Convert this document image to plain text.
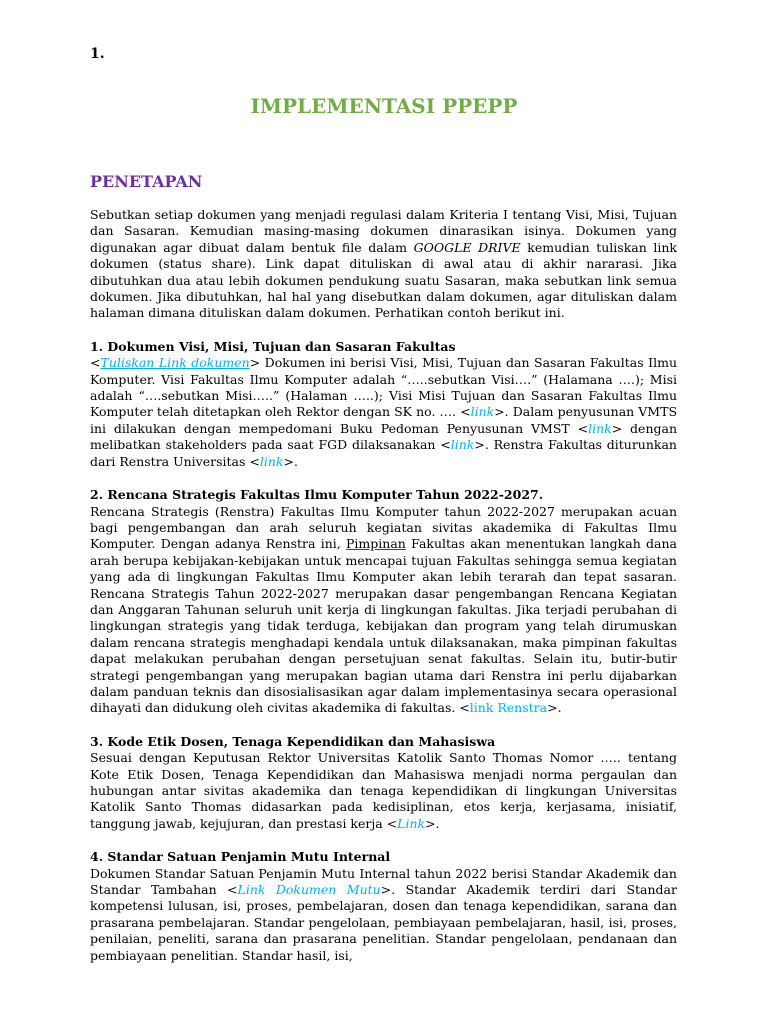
1.
IMPLEMENTASI PPEPP
PENETAPAN

Sebutkan setiap dokumen yang menjadi regulasi dalam Kriteria I tentang Visi, Misi, Tujuan dan Sasaran. Kemudian masing-masing dokumen dinarasikan isinya. Dokumen yang digunakan agar dibuat dalam bentuk file dalam GOOGLE DRIVE kemudian tuliskan link dokumen (status share). Link dapat dituliskan di awal atau di akhir nararasi. Jika dibutuhkan dua atau lebih dokumen pendukung suatu Sasaran, maka sebutkan link semua dokumen. Jika dibutuhkan, hal hal yang disebutkan dalam dokumen, agar dituliskan dalam halaman dimana dituliskan dalam dokumen. Perhatikan contoh berikut ini.

1. Dokumen Visi, Misi, Tujuan dan Sasaran Fakultas

<Tuliskan Link dokumen> Dokumen ini berisi Visi, Misi, Tujuan dan Sasaran Fakultas Ilmu Komputer. Visi Fakultas Ilmu Komputer adalah “…..sebutkan Visi….” (Halamana ….); Misi adalah “….sebutkan Misi…..” (Halaman …..); Visi Misi Tujuan dan Sasaran Fakultas Ilmu Komputer telah ditetapkan oleh Rektor dengan SK no. …. <link>. Dalam penyusunan VMTS ini dilakukan dengan mempedomani Buku Pedoman Penyusunan VMST <link> dengan melibatkan stakeholders pada saat FGD dilaksanakan <link>. Renstra Fakultas diturunkan dari Renstra Universitas <link>.

2. Rencana Strategis Fakultas Ilmu Komputer Tahun 2022-2027.

Rencana Strategis (Renstra) Fakultas Ilmu Komputer tahun 2022-2027 merupakan acuan bagi pengembangan dan arah seluruh kegiatan sivitas akademika di Fakultas Ilmu Komputer. Dengan adanya Renstra ini, Pimpinan Fakultas akan menentukan langkah dana arah berupa kebijakan-kebijakan untuk mencapai tujuan Fakultas sehingga semua kegiatan yang ada di lingkungan Fakultas Ilmu Komputer akan lebih terarah dan tepat sasaran. Rencana Strategis Tahun 2022-2027 merupakan dasar pengembangan Rencana Kegiatan dan Anggaran Tahunan seluruh unit kerja di lingkungan fakultas. Jika terjadi perubahan di lingkungan strategis yang tidak terduga, kebijakan dan program yang telah dirumuskan dalam rencana strategis menghadapi kendala untuk dilaksanakan, maka pimpinan fakultas dapat melakukan perubahan dengan persetujuan senat fakultas. Selain itu, butir-butir strategi pengembangan yang merupakan bagian utama dari Renstra ini perlu dijabarkan dalam panduan teknis dan disosialisasikan agar dalam implementasinya secara operasional dihayati dan didukung oleh civitas akademika di fakultas. <link Renstra>.

3. Kode Etik Dosen, Tenaga Kependidikan dan Mahasiswa

Sesuai dengan Keputusan Rektor Universitas Katolik Santo Thomas Nomor ….. tentang Kote Etik Dosen, Tenaga Kependidikan dan Mahasiswa menjadi norma pergaulan dan hubungan antar sivitas akademika dan tenaga kependidikan di lingkungan Universitas Katolik Santo Thomas didasarkan pada kedisiplinan, etos kerja, kerjasama, inisiatif, tanggung jawab, kejujuran, dan prestasi kerja <Link>.

4. Standar Satuan Penjamin Mutu Internal

Dokumen Standar Satuan Penjamin Mutu Internal tahun 2022 berisi Standar Akademik dan Standar Tambahan <Link Dokumen Mutu>. Standar Akademik terdiri dari Standar kompetensi lulusan, isi, proses, pembelajaran, dosen dan tenaga kependidikan, sarana dan prasarana pembelajaran. Standar pengelolaan, pembiayaan pembelajaran, hasil, isi, proses, penilaian, peneliti, sarana dan prasarana penelitian. Standar pengelolaan, pendanaan dan pembiayaan penelitian. Standar hasil, isi,
